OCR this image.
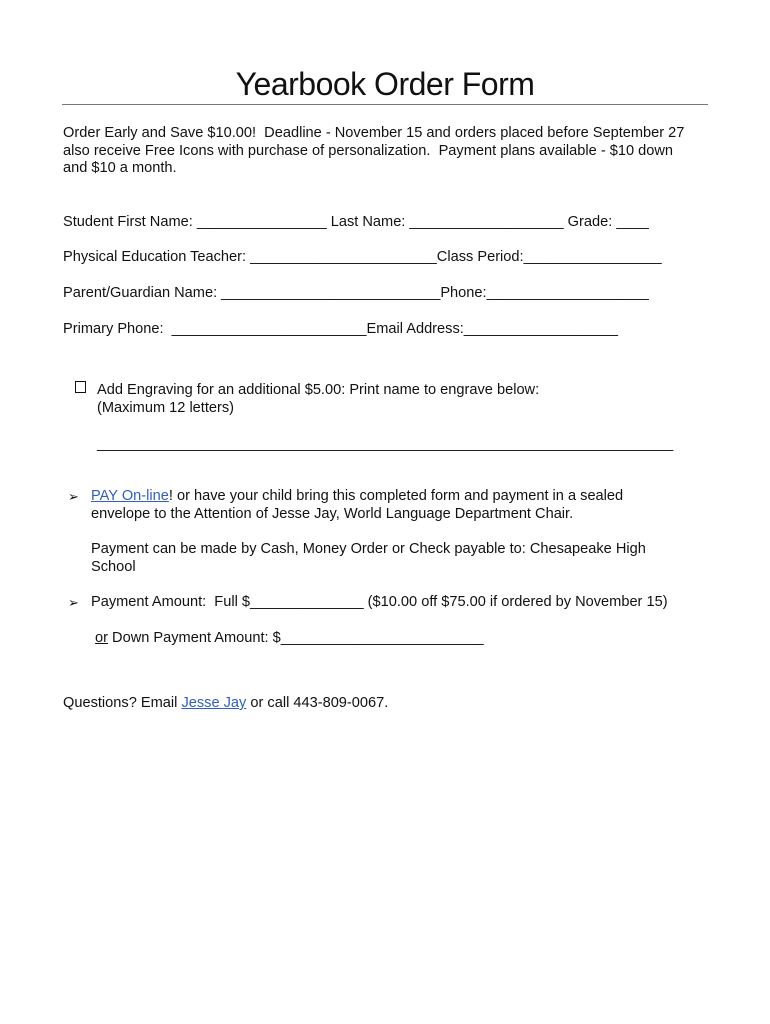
Yearbook Order Form
Order Early and Save $10.00!  Deadline - November 15 and orders placed before September 27
also receive Free Icons with purchase of personalization.  Payment plans available - $10 down
and $10 a month.
Student First Name: ________________ Last Name: ___________________ Grade: ____
Physical Education Teacher: _______________________Class Period:_________________
Parent/Guardian Name: ___________________________Phone:____________________
Primary Phone:  ________________________Email Address:___________________
Add Engraving for an additional $5.00: Print name to engrave below:
(Maximum 12 letters)
_______________________________________________________________________
➢ PAY On-line! or have your child bring this completed form and payment in a sealed
envelope to the Attention of Jesse Jay, World Language Department Chair.
Payment can be made by Cash, Money Order or Check payable to: Chesapeake High
School
➢ Payment Amount:  Full $______________ ($10.00 off $75.00 if ordered by November 15)
or Down Payment Amount: $_________________________
Questions? Email Jesse Jay or call 443-809-0067.
